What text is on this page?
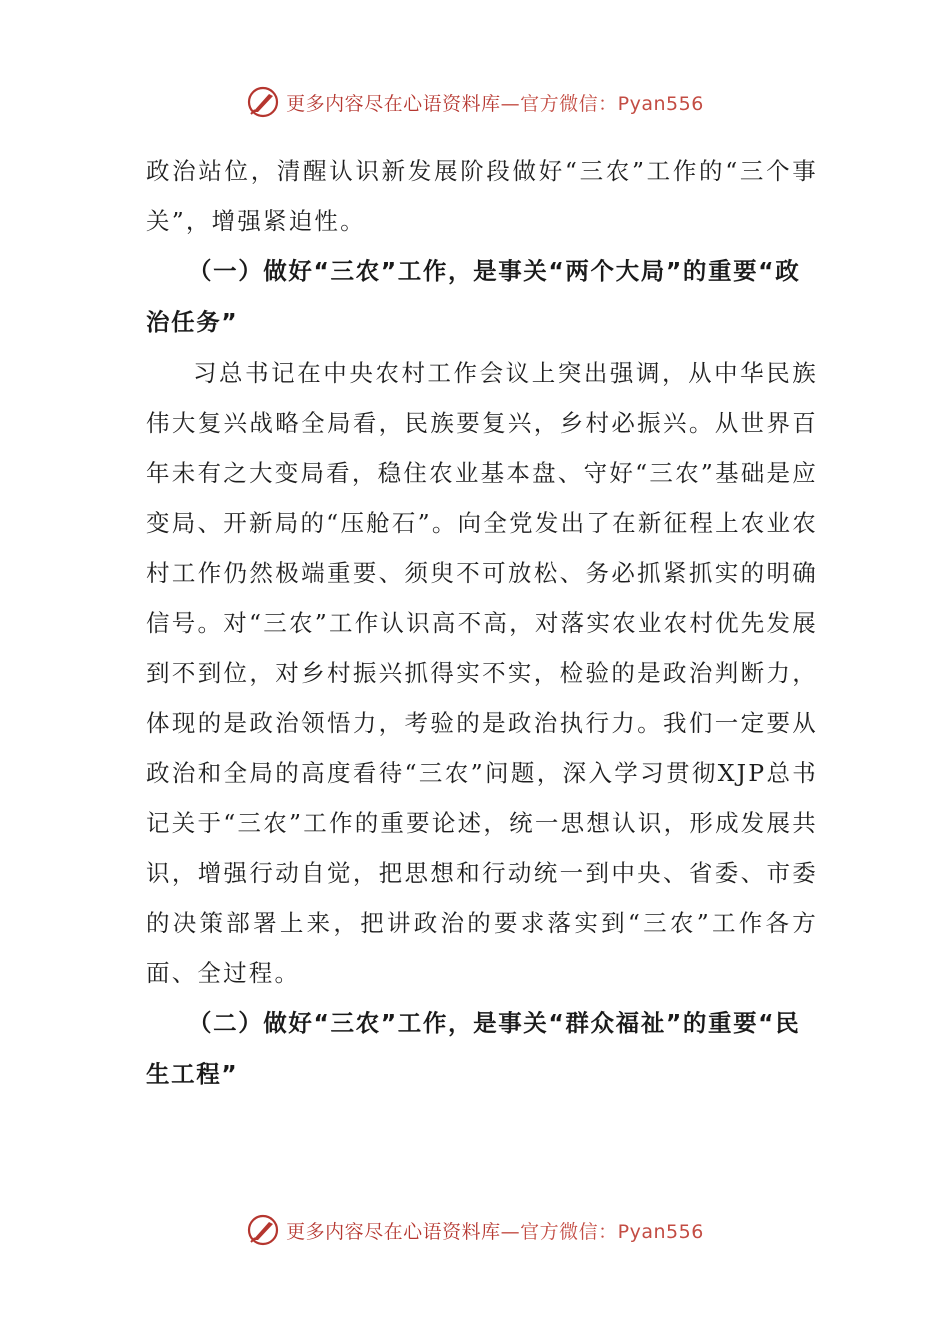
更多内容尽在心语资料库 —官方微信：Pyan556

政治站位，清醒认识新发展阶段做好“三农”工作的“三个事关”，增强紧迫性。

（一）做好“三农”工作，是事关“两个大局”的重要“政治任务”

习总书记在中央农村工作会议上突出强调，从中华民族伟大复兴战略全局看，民族要复兴，乡村必振兴。从世界百年未有之大变局看，稳住农业基本盘、守好“三农”基础是应变局、开新局的“压舱石”。向全党发出了在新征程上农业农村工作仍然极端重要、须臾不可放松、务必抓紧抓实的明确信号。对“三农”工作认识高不高，对落实农业农村优先发展到不到位，对乡村振兴抓得实不实，检验的是政治判断力，体现的是政治领悟力，考验的是政治执行力。我们一定要从政治和全局的高度看待“三农”问题，深入学习贯彻XJP总书记关于“三农”工作的重要论述，统一思想认识，形成发展共识，增强行动自觉，把思想和行动统一到中央、省委、市委的决策部署上来，把讲政治的要求落实到“三农”工作各方面、全过程。

（二）做好“三农”工作，是事关“群众福祉”的重要“民生工程”

更多内容尽在心语资料库 —官方微信：Pyan556
